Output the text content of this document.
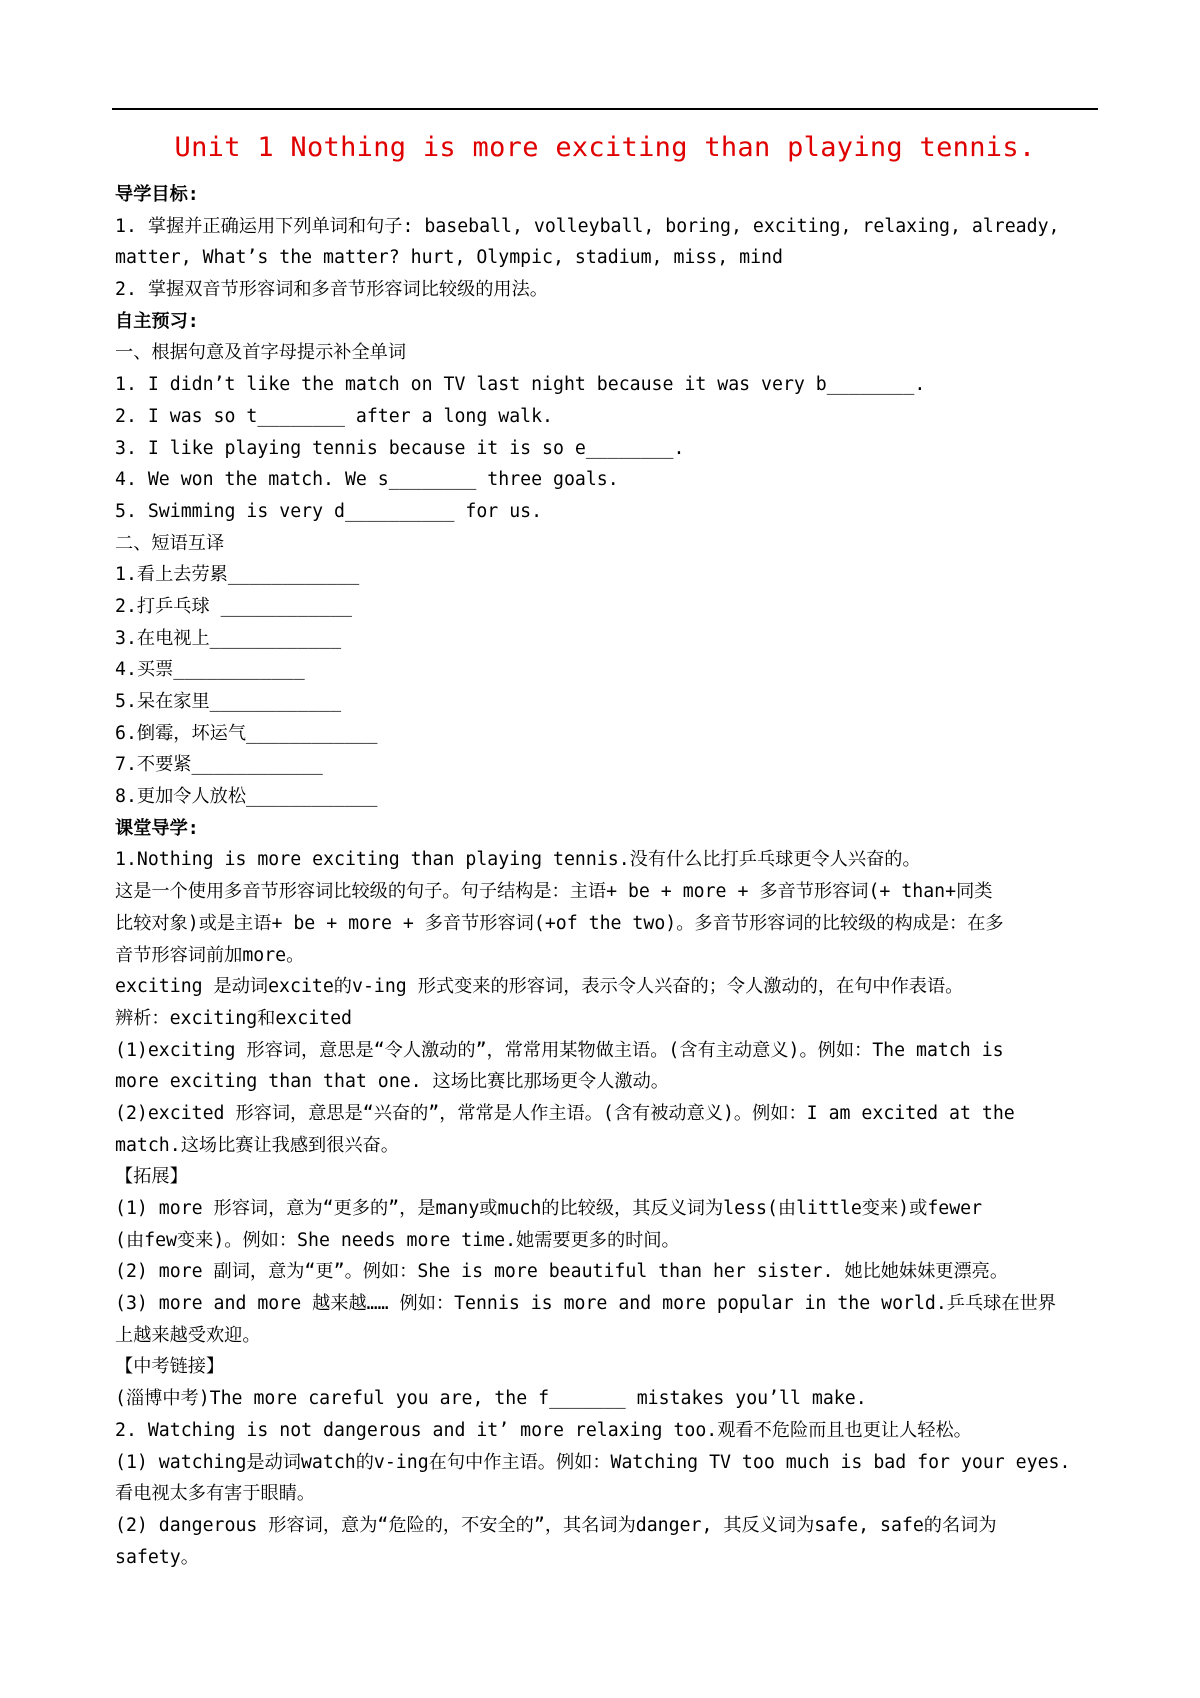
Unit 1 Nothing is more exciting than playing tennis.
导学目标:
1. 掌握并正确运用下列单词和句子: baseball, volleyball, boring, exciting, relaxing, already,
matter, What’s the matter? hurt, Olympic, stadium, miss, mind
2. 掌握双音节形容词和多音节形容词比较级的用法。
自主预习:
一、根据句意及首字母提示补全单词
1. I didn’t like the match on TV last night because it was very b________.
2. I was so t________ after a long walk.
3. I like playing tennis because it is so e________.
4. We won the match. We s________ three goals.
5. Swimming is very d__________ for us.
二、短语互译
1.看上去劳累____________
2.打乒乓球 ____________
3.在电视上____________
4.买票____________
5.呆在家里____________
6.倒霉，坏运气____________
7.不要紧____________
8.更加令人放松____________
课堂导学:
1.Nothing is more exciting than playing tennis.没有什么比打乒乓球更令人兴奋的。
这是一个使用多音节形容词比较级的句子。句子结构是：主语+ be + more + 多音节形容词(+ than+同类
比较对象)或是主语+ be + more + 多音节形容词(+of the two)。多音节形容词的比较级的构成是：在多
音节形容词前加more。
exciting 是动词excite的v-ing 形式变来的形容词，表示令人兴奋的；令人激动的，在句中作表语。
辨析：exciting和excited
(1)exciting 形容词，意思是“令人激动的”，常常用某物做主语。(含有主动意义)。例如：The match is
more exciting than that one. 这场比赛比那场更令人激动。
(2)excited 形容词，意思是“兴奋的”，常常是人作主语。(含有被动意义)。例如：I am excited at the
match.这场比赛让我感到很兴奋。
【拓展】
(1) more 形容词，意为“更多的”，是many或much的比较级，其反义词为less(由little变来)或fewer
(由few变来)。例如：She needs more time.她需要更多的时间。
(2) more 副词，意为“更”。例如：She is more beautiful than her sister. 她比她妹妹更漂亮。
(3) more and more 越来越…… 例如：Tennis is more and more popular in the world.乒乓球在世界
上越来越受欢迎。
【中考链接】
(淄博中考)The more careful you are, the f_______ mistakes you’ll make.
2. Watching is not dangerous and it’ more relaxing too.观看不危险而且也更让人轻松。
(1) watching是动词watch的v-ing在句中作主语。例如：Watching TV too much is bad for your eyes.
看电视太多有害于眼睛。
(2) dangerous 形容词，意为“危险的，不安全的”，其名词为danger, 其反义词为safe, safe的名词为
safety。
